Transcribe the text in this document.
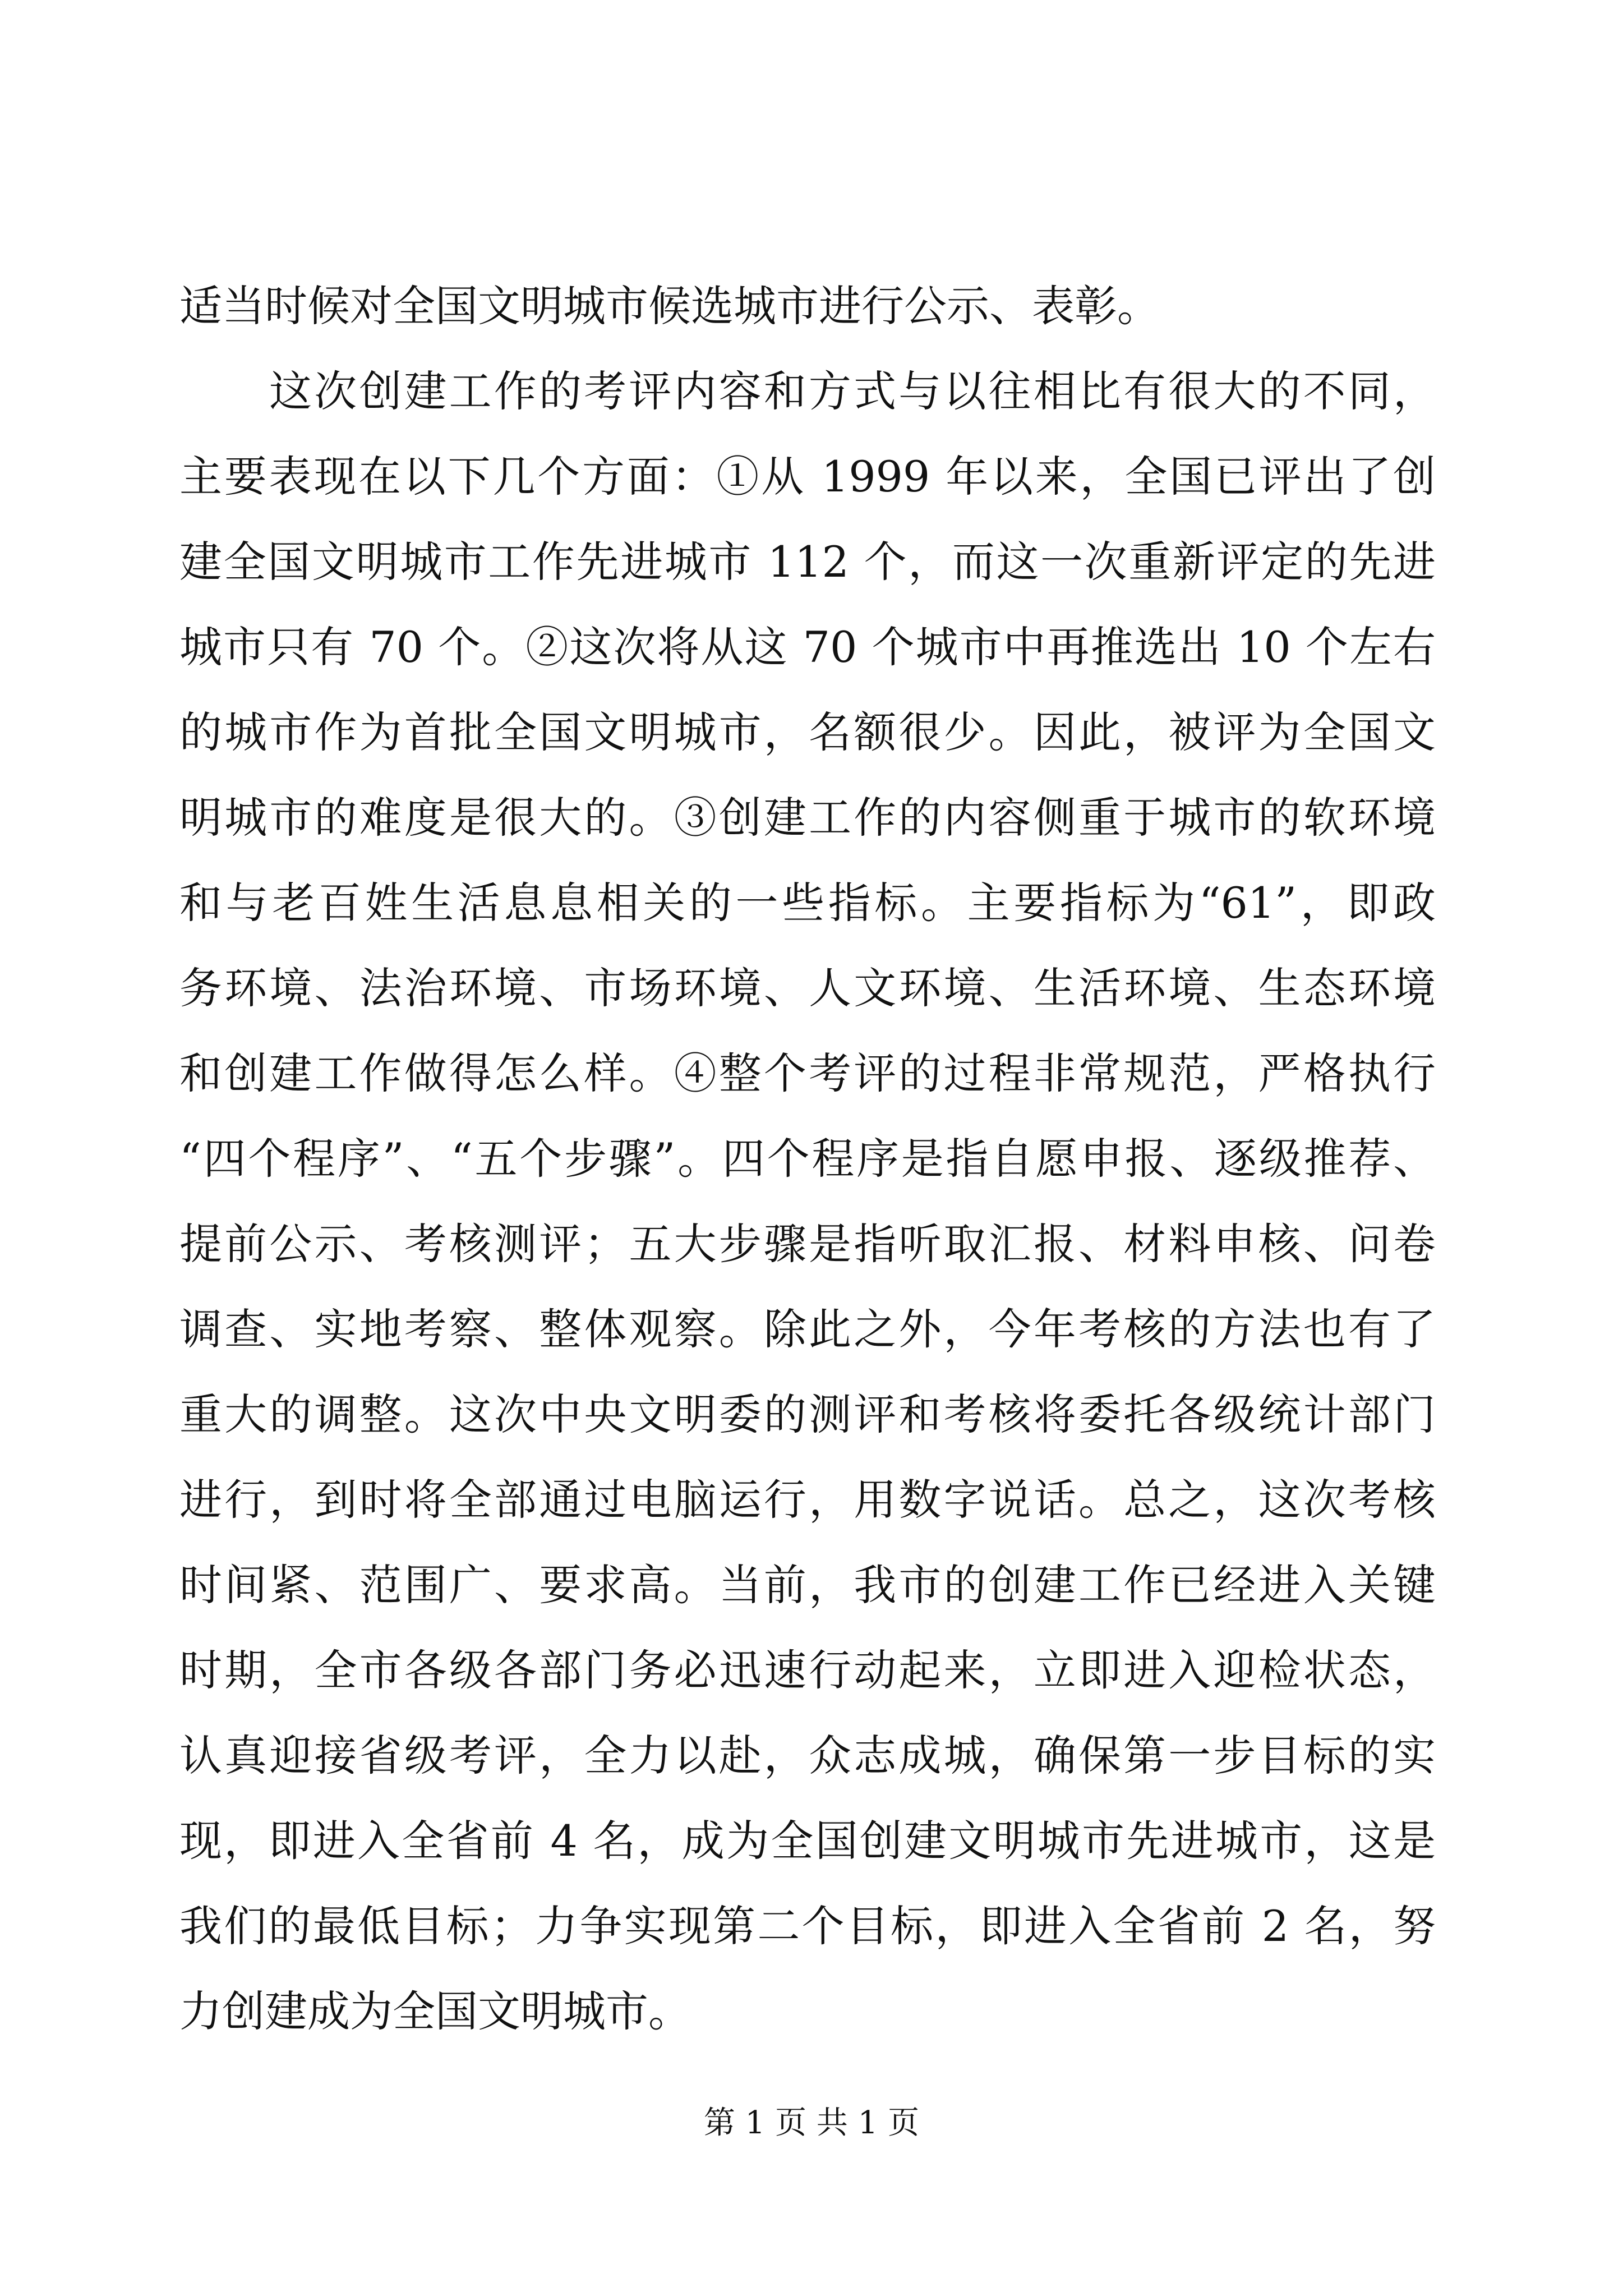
适当时候对全国文明城市候选城市进行公示、表彰。
这次创建工作的考评内容和方式与以往相比有很大的不同，
主要表现在以下几个方面：①从 1999 年以来，全国已评出了创
建全国文明城市工作先进城市 112 个，而这一次重新评定的先进
城市只有 70 个。②这次将从这 70 个城市中再推选出 10 个左右
的城市作为首批全国文明城市，名额很少。因此，被评为全国文
明城市的难度是很大的。③创建工作的内容侧重于城市的软环境
和与老百姓生活息息相关的一些指标。主要指标为“61”，即政
务环境、法治环境、市场环境、人文环境、生活环境、生态环境
和创建工作做得怎么样。④整个考评的过程非常规范，严格执行
“四个程序”、“五个步骤”。四个程序是指自愿申报、逐级推荐、
提前公示、考核测评；五大步骤是指听取汇报、材料申核、问卷
调查、实地考察、整体观察。除此之外，今年考核的方法也有了
重大的调整。这次中央文明委的测评和考核将委托各级统计部门
进行，到时将全部通过电脑运行，用数字说话。总之，这次考核
时间紧、范围广、要求高。当前，我市的创建工作已经进入关键
时期，全市各级各部门务必迅速行动起来，立即进入迎检状态，
认真迎接省级考评，全力以赴，众志成城，确保第一步目标的实
现，即进入全省前 4 名，成为全国创建文明城市先进城市，这是
我们的最低目标；力争实现第二个目标，即进入全省前 2 名，努
力创建成为全国文明城市。
第 1 页 共 1 页
